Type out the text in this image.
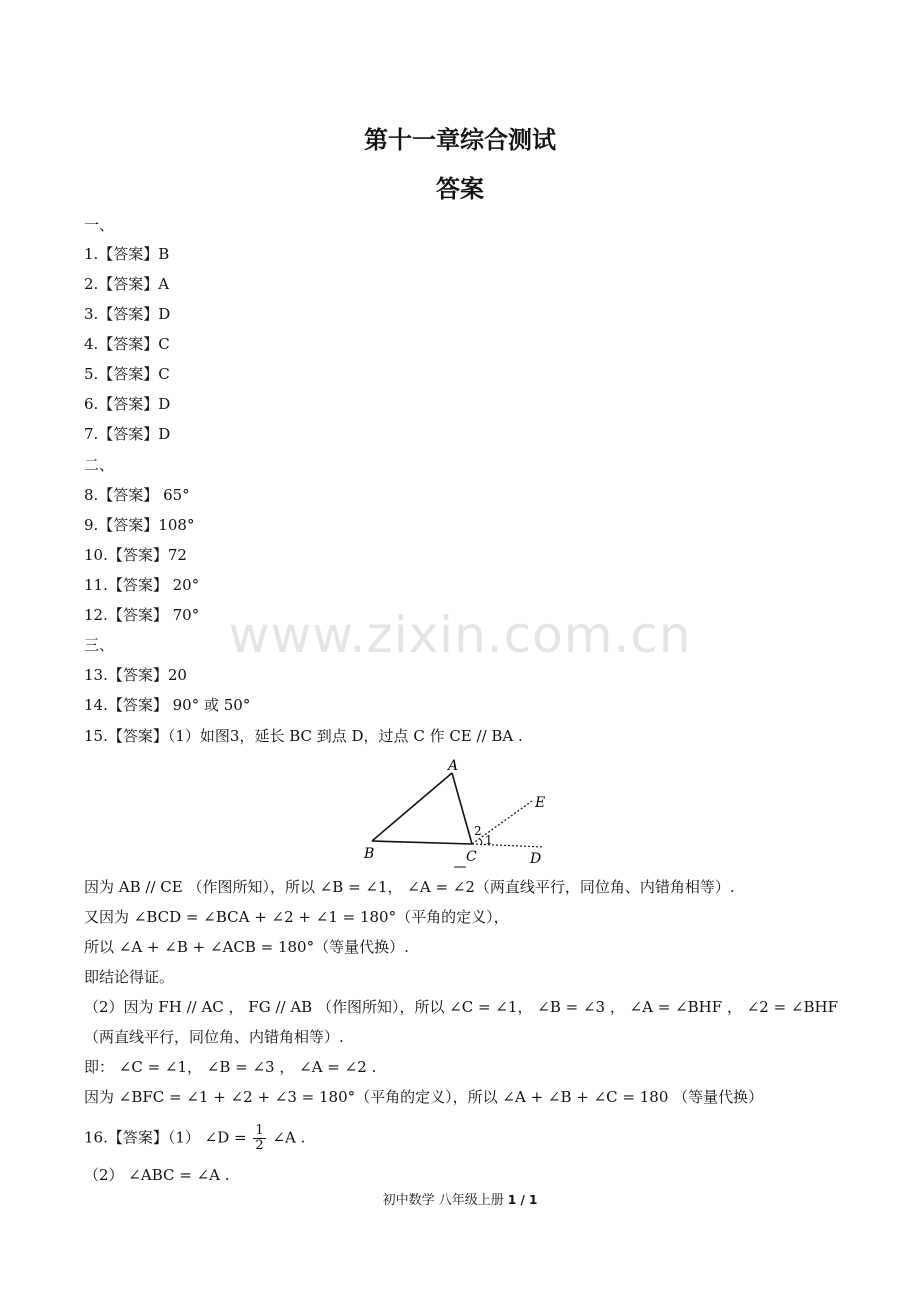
第十一章综合测试
答案
www.zixin.com.cn
一、
1.【答案】B
2.【答案】A
3.【答案】D
4.【答案】C
5.【答案】C
6.【答案】D
7.【答案】D
二、
8.【答案】 65°
9.【答案】108°
10.【答案】72
11.【答案】 20°
12.【答案】 70°
三、
13.【答案】20
14.【答案】 90° 或 50°
15.【答案】（1）如图3，延长 BC 到点 D，过点 C 作 CE // BA .
A
B	C	D
E
2
1
因为 AB // CE （作图所知），所以 ∠B = ∠1， ∠A = ∠2（两直线平行，同位角、内错角相等）.
又因为 ∠BCD = ∠BCA + ∠2 + ∠1 = 180°（平角的定义），
所以 ∠A + ∠B + ∠ACB = 180°（等量代换）.
即结论得证。
（2）因为 FH // AC ， FG // AB （作图所知），所以 ∠C = ∠1， ∠B = ∠3 ， ∠A = ∠BHF ， ∠2 = ∠BHF
（两直线平行，同位角、内错角相等）.
即： ∠C = ∠1， ∠B = ∠3 ， ∠A = ∠2 .
因为 ∠BFC = ∠1 + ∠2 + ∠3 = 180°（平角的定义），所以 ∠A + ∠B + ∠C = 180 （等量代换）
16.【答案】（1） ∠D = $\frac{1}{2}$ ∠A .
（2） ∠ABC = ∠A .
初中数学 八年级上册 1 / 1
